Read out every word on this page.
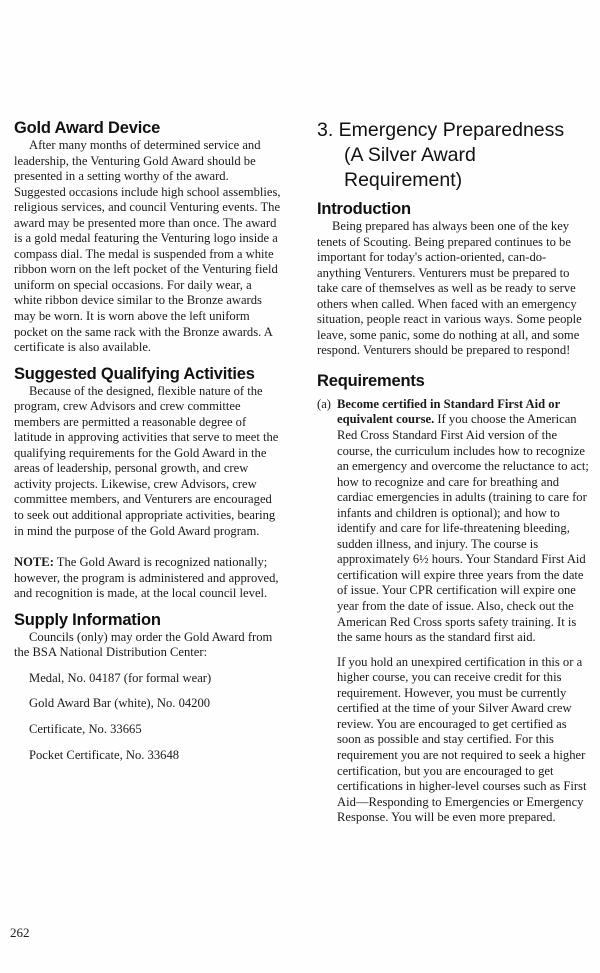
Gold Award Device

After many months of determined service and leadership, the Venturing Gold Award should be presented in a setting worthy of the award. Suggested occasions include high school assemblies, religious services, and council Venturing events. The award may be presented more than once. The award is a gold medal featuring the Venturing logo inside a compass dial. The medal is suspended from a white ribbon worn on the left pocket of the Venturing field uniform on special occasions. For daily wear, a white ribbon device similar to the Bronze awards may be worn. It is worn above the left uniform pocket on the same rack with the Bronze awards. A certificate is also available.

Suggested Qualifying Activities

Because of the designed, flexible nature of the program, crew Advisors and crew committee members are permitted a reasonable degree of latitude in approving activities that serve to meet the qualifying requirements for the Gold Award in the areas of leadership, personal growth, and crew activity projects. Likewise, crew Advisors, crew committee members, and Venturers are encouraged to seek out additional appropriate activities, bearing in mind the purpose of the Gold Award program.

NOTE: The Gold Award is recognized nationally; however, the program is administered and approved, and recognition is made, at the local council level.

Supply Information

Councils (only) may order the Gold Award from the BSA National Distribution Center:

Medal, No. 04187 (for formal wear)
Gold Award Bar (white), No. 04200
Certificate, No. 33665
Pocket Certificate, No. 33648
3. Emergency Preparedness
(A Silver Award Requirement)
Introduction

Being prepared has always been one of the key tenets of Scouting. Being prepared continues to be important for today's action-oriented, can-do-anything Venturers. Venturers must be prepared to take care of themselves as well as be ready to serve others when called. When faced with an emergency situation, people react in various ways. Some people leave, some panic, some do nothing at all, and some respond. Venturers should be prepared to respond!

Requirements
(a) Become certified in Standard First Aid or equivalent course. If you choose the American Red Cross Standard First Aid version of the course, the curriculum includes how to recognize an emergency and overcome the reluctance to act; how to recognize and care for breathing and cardiac emergencies in adults (training to care for infants and children is optional); and how to identify and care for life-threatening bleeding, sudden illness, and injury. The course is approximately 6½ hours. Your Standard First Aid certification will expire three years from the date of issue. Your CPR certification will expire one year from the date of issue. Also, check out the American Red Cross sports safety training. It is the same hours as the standard first aid.

If you hold an unexpired certification in this or a higher course, you can receive credit for this requirement. However, you must be currently certified at the time of your Silver Award crew review. You are encouraged to get certified as soon as possible and stay certified. For this requirement you are not required to seek a higher certification, but you are encouraged to get certifications in higher-level courses such as First Aid—Responding to Emergencies or Emergency Response. You will be even more prepared.

262
